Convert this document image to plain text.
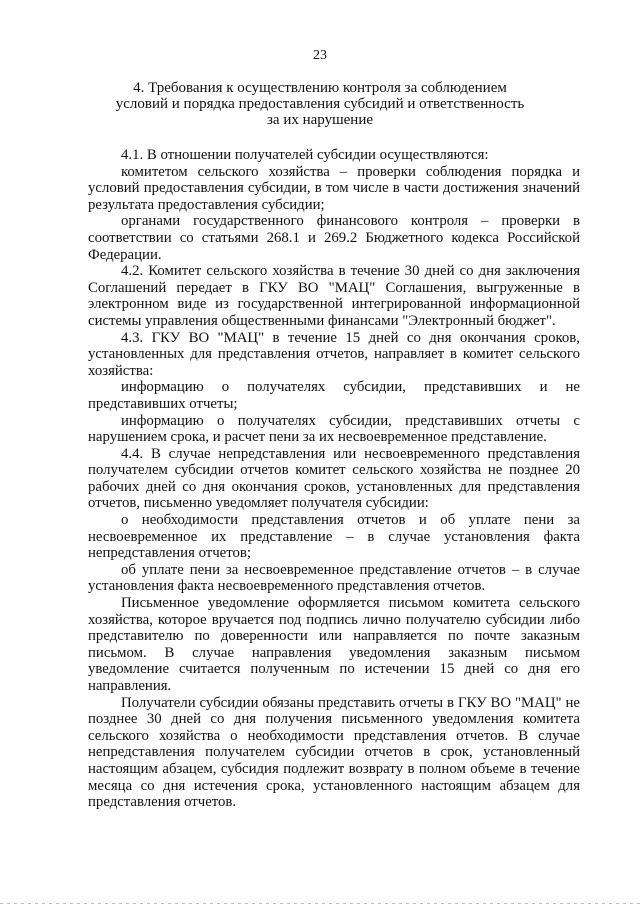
23
4. Требования к осуществлению контроля за соблюдением
условий и порядка предоставления субсидий и ответственность
за их нарушение

4.1. В отношении получателей субсидии осуществляются:

комитетом сельского хозяйства – проверки соблюдения порядка и условий предоставления субсидии, в том числе в части достижения значений результата предоставления субсидии;

органами государственного финансового контроля – проверки в соответствии со статьями 268.1 и 269.2 Бюджетного кодекса Российской Федерации.

4.2. Комитет сельского хозяйства в течение 30 дней со дня заключения Соглашений передает в ГКУ ВО "МАЦ" Соглашения, выгруженные в электронном виде из государственной интегрированной информационной системы управления общественными финансами "Электронный бюджет".

4.3. ГКУ ВО "МАЦ" в течение 15 дней со дня окончания сроков, установленных для представления отчетов, направляет в комитет сельского хозяйства:

информацию о получателях субсидии, представивших и не представивших отчеты;

информацию о получателях субсидии, представивших отчеты с нарушением срока, и расчет пени за их несвоевременное представление.

4.4. В случае непредставления или несвоевременного представления получателем субсидии отчетов комитет сельского хозяйства не позднее 20 рабочих дней со дня окончания сроков, установленных для представления отчетов, письменно уведомляет получателя субсидии:

о необходимости представления отчетов и об уплате пени за несвоевременное их представление – в случае установления факта непредставления отчетов;

об уплате пени за несвоевременное представление отчетов – в случае установления факта несвоевременного представления отчетов.

Письменное уведомление оформляется письмом комитета сельского хозяйства, которое вручается под подпись лично получателю субсидии либо представителю по доверенности или направляется по почте заказным письмом. В случае направления уведомления заказным письмом уведомление считается полученным по истечении 15 дней со дня его направления.

Получатели субсидии обязаны представить отчеты в ГКУ ВО "МАЦ" не позднее 30 дней со дня получения письменного уведомления комитета сельского хозяйства о необходимости представления отчетов. В случае непредставления получателем субсидии отчетов в срок, установленный настоящим абзацем, субсидия подлежит возврату в полном объеме в течение месяца со дня истечения срока, установленного настоящим абзацем для представления отчетов.
